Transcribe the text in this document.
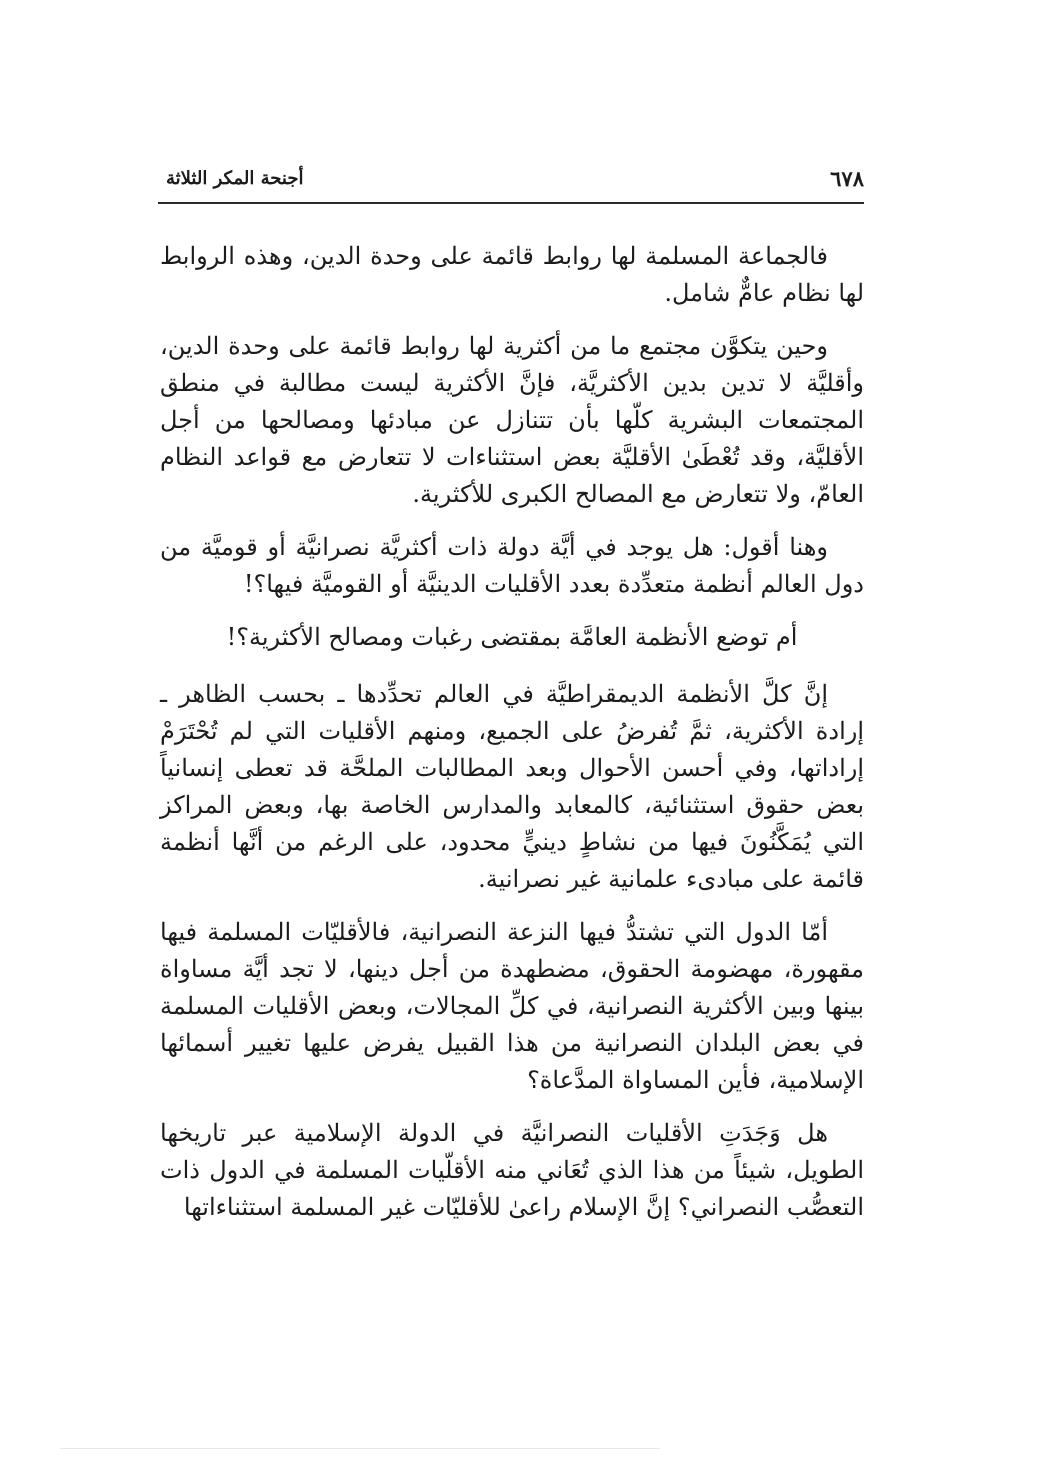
٦٧٨
أجنحة المكر الثلاثة

فالجماعة المسلمة لها روابط قائمة على وحدة الدين، وهذه الروابط لها نظام عامٌّ شامل.

وحين يتكوَّن مجتمع ما من أكثرية لها روابط قائمة على وحدة الدين، وأقليَّة لا تدين بدين الأكثريَّة، فإنَّ الأكثرية ليست مطالبة في منطق المجتمعات البشرية كلّها بأن تتنازل عن مبادئها ومصالحها من أجل الأقليَّة، وقد تُعْطَىٰ الأقليَّة بعض استثناءات لا تتعارض مع قواعد النظام العامّ، ولا تتعارض مع المصالح الكبرى للأكثرية.

وهنا أقول: هل يوجد في أيَّة دولة ذات أكثريَّة نصرانيَّة أو قوميَّة من دول العالم أنظمة متعدِّدة بعدد الأقليات الدينيَّة أو القوميَّة فيها؟!

أم توضع الأنظمة العامَّة بمقتضى رغبات ومصالح الأكثرية؟!

إنَّ كلَّ الأنظمة الديمقراطيَّة في العالم تحدِّدها ـ بحسب الظاهر ـ إرادة الأكثرية، ثمَّ تُفرضُ على الجميع، ومنهم الأقليات التي لم تُحْتَرَمْ إراداتها، وفي أحسن الأحوال وبعد المطالبات الملحَّة قد تعطى إنسانياً بعض حقوق استثنائية، كالمعابد والمدارس الخاصة بها، وبعض المراكز التي يُمَكَّنُونَ فيها من نشاطٍ دينيٍّ محدود، على الرغم من أنَّها أنظمة قائمة على مبادىء علمانية غير نصرانية.

أمّا الدول التي تشتدُّ فيها النزعة النصرانية، فالأقليّات المسلمة فيها مقهورة، مهضومة الحقوق، مضطهدة من أجل دينها، لا تجد أيَّة مساواة بينها وبين الأكثرية النصرانية، في كلِّ المجالات، وبعض الأقليات المسلمة في بعض البلدان النصرانية من هذا القبيل يفرض عليها تغيير أسمائها الإسلامية، فأين المساواة المدَّعاة؟

هل وَجَدَتِ الأقليات النصرانيَّة في الدولة الإسلامية عبر تاريخها الطويل، شيئاً من هذا الذي تُعَاني منه الأقلّيات المسلمة في الدول ذات التعصُّب النصراني؟ إنَّ الإسلام راعىٰ للأقليّات غير المسلمة استثناءاتها
